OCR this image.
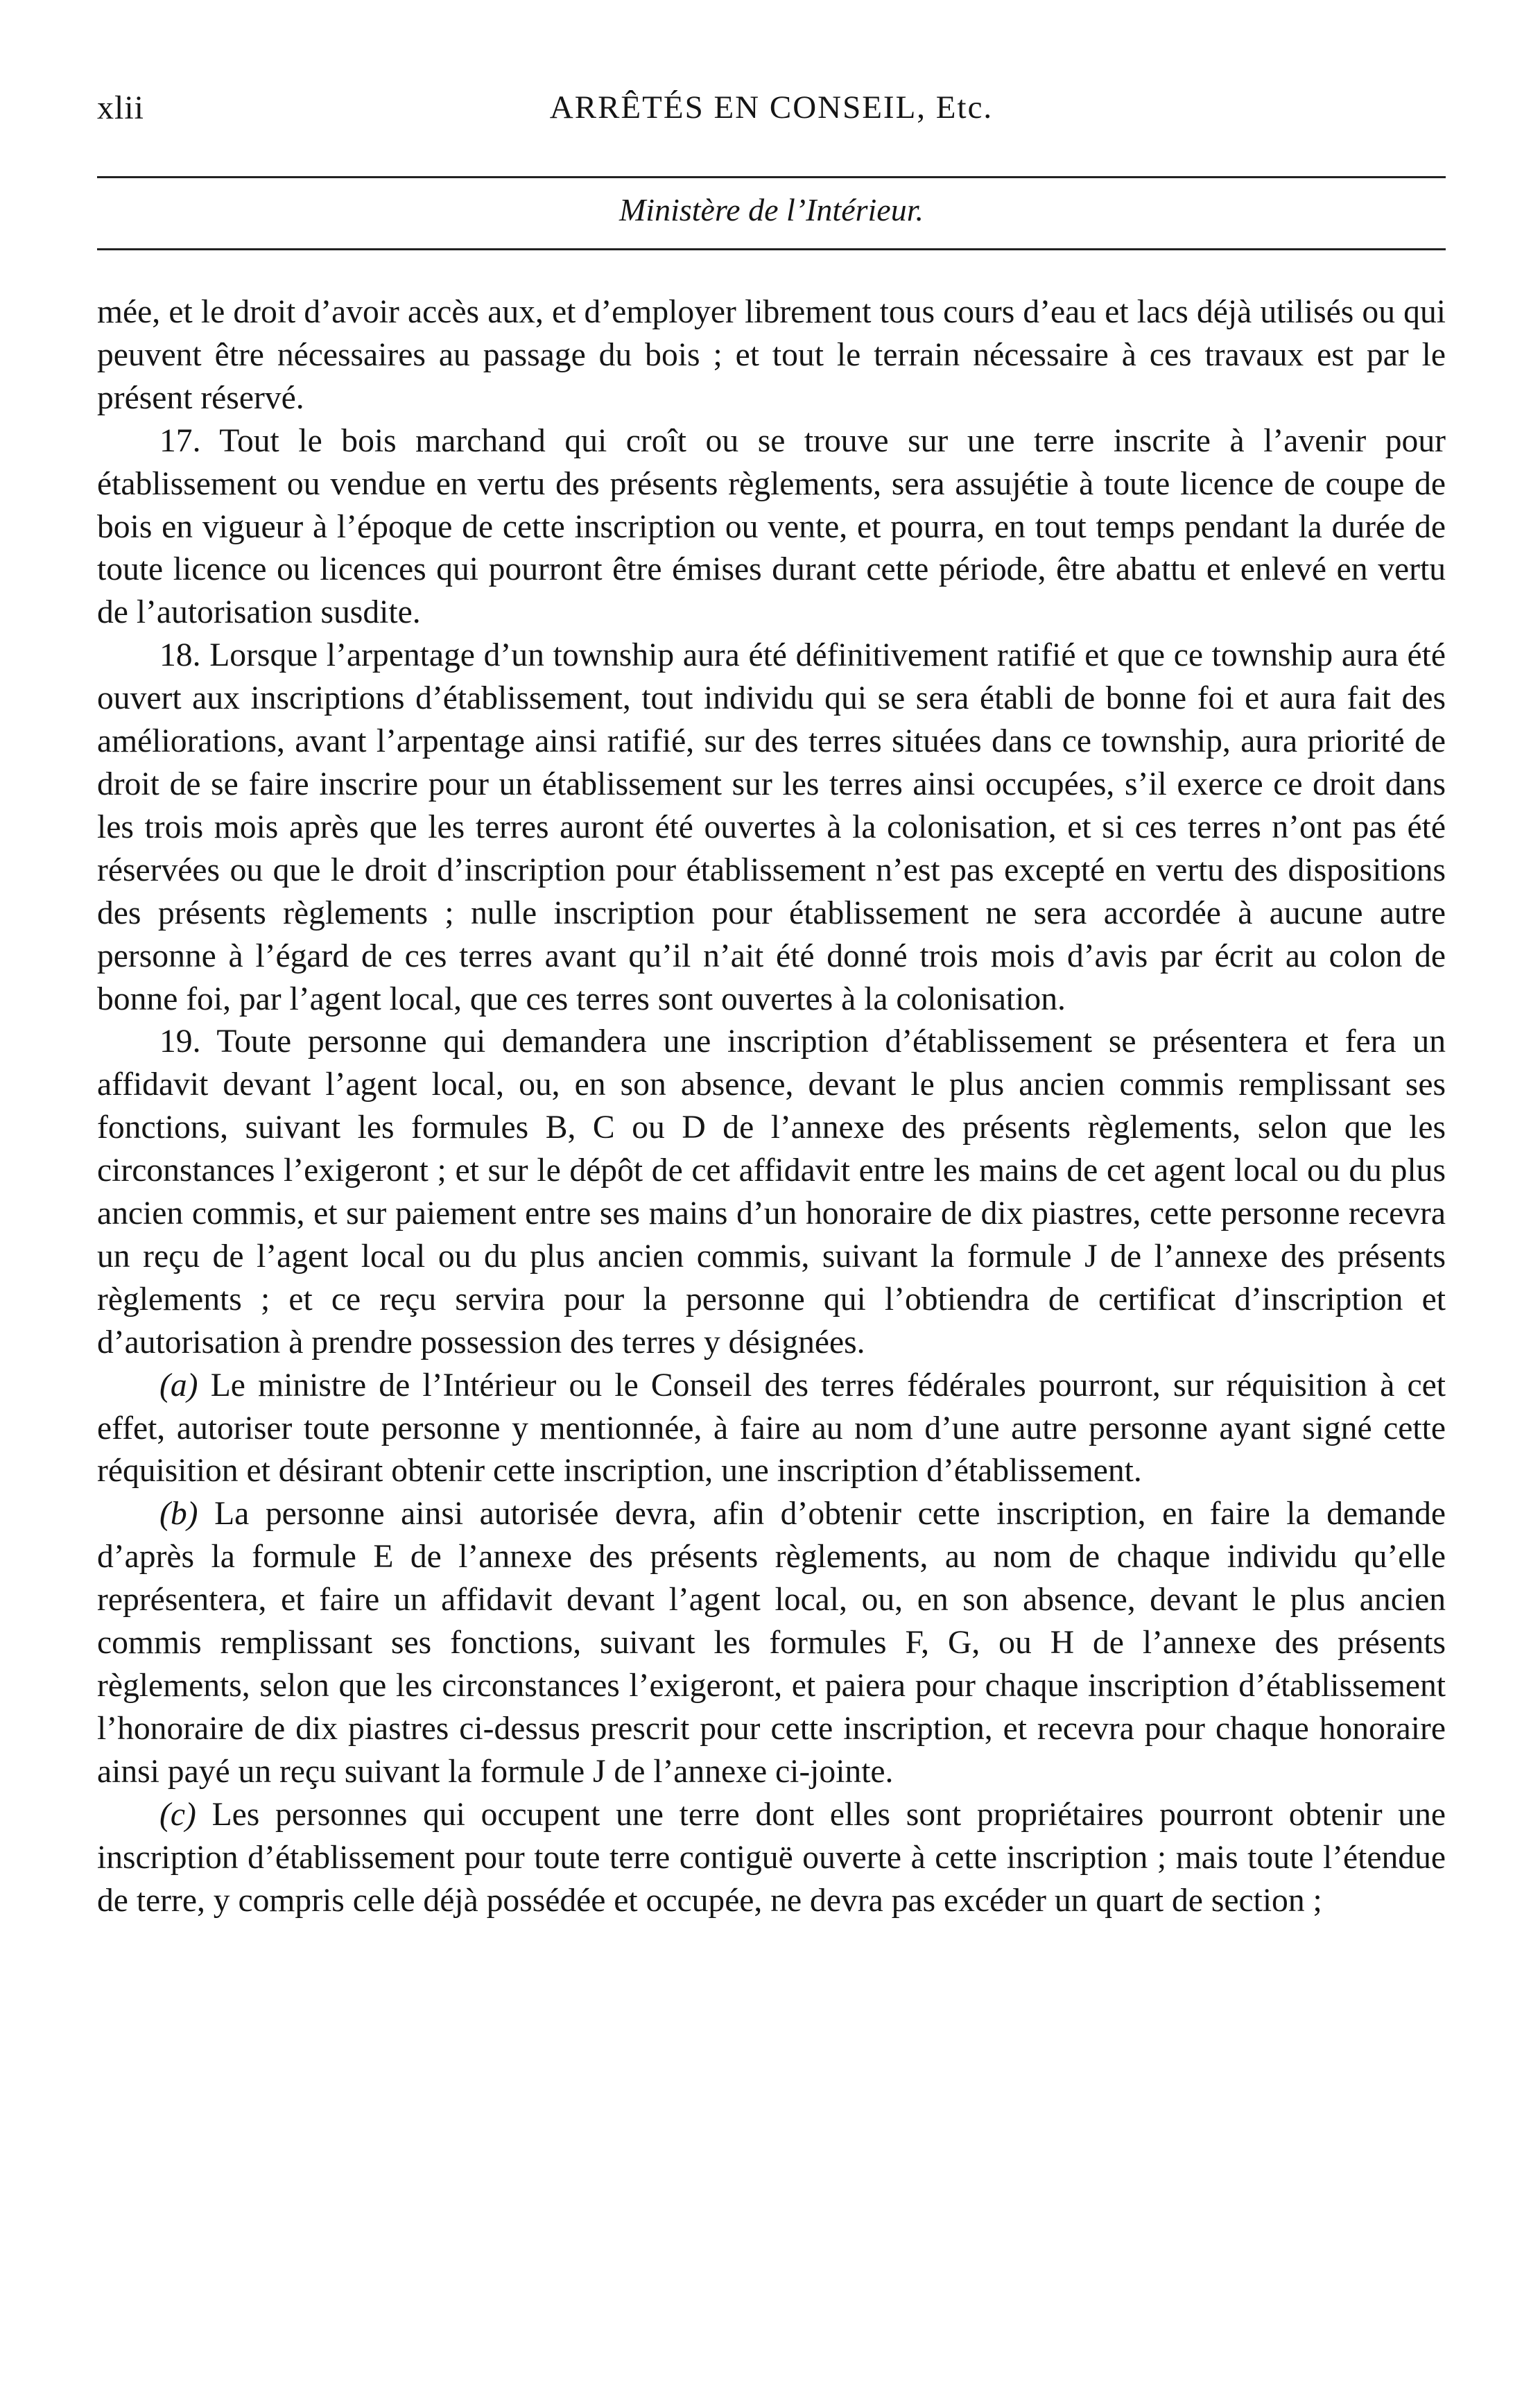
xlii	ARRÊTÉS EN CONSEIL, Etc.
Ministère de l’Intérieur.

mée, et le droit d’avoir accès aux, et d’employer librement tous cours d’eau et lacs déjà utilisés ou qui peuvent être nécessaires au passage du bois ; et tout le terrain nécessaire à ces travaux est par le présent réservé.

17. Tout le bois marchand qui croît ou se trouve sur une terre inscrite à l’avenir pour établissement ou vendue en vertu des présents règlements, sera assujétie à toute licence de coupe de bois en vigueur à l’époque de cette inscription ou vente, et pourra, en tout temps pendant la durée de toute licence ou licences qui pourront être émises durant cette période, être abattu et enlevé en vertu de l’autorisation susdite.

18. Lorsque l’arpentage d’un township aura été définitivement ratifié et que ce township aura été ouvert aux inscriptions d’établissement, tout individu qui se sera établi de bonne foi et aura fait des améliorations, avant l’arpentage ainsi ratifié, sur des terres situées dans ce township, aura priorité de droit de se faire inscrire pour un établissement sur les terres ainsi occupées, s’il exerce ce droit dans les trois mois après que les terres auront été ouvertes à la colonisation, et si ces terres n’ont pas été réservées ou que le droit d’inscription pour établissement n’est pas excepté en vertu des dispositions des présents règlements ; nulle inscription pour établissement ne sera accordée à aucune autre personne à l’égard de ces terres avant qu’il n’ait été donné trois mois d’avis par écrit au colon de bonne foi, par l’agent local, que ces terres sont ouvertes à la colonisation.

19. Toute personne qui demandera une inscription d’établissement se présentera et fera un affidavit devant l’agent local, ou, en son absence, devant le plus ancien commis remplissant ses fonctions, suivant les formules B, C ou D de l’annexe des présents règlements, selon que les circonstances l’exigeront ; et sur le dépôt de cet affidavit entre les mains de cet agent local ou du plus ancien commis, et sur paiement entre ses mains d’un honoraire de dix piastres, cette personne recevra un reçu de l’agent local ou du plus ancien commis, suivant la formule J de l’annexe des présents règlements ; et ce reçu servira pour la personne qui l’obtiendra de certificat d’inscription et d’autorisation à prendre possession des terres y désignées.

(a) Le ministre de l’Intérieur ou le Conseil des terres fédérales pourront, sur réquisition à cet effet, autoriser toute personne y mentionnée, à faire au nom d’une autre personne ayant signé cette réquisition et désirant obtenir cette inscription, une inscription d’établissement.

(b) La personne ainsi autorisée devra, afin d’obtenir cette inscription, en faire la demande d’après la formule E de l’annexe des présents règlements, au nom de chaque individu qu’elle représentera, et faire un affidavit devant l’agent local, ou, en son absence, devant le plus ancien commis remplissant ses fonctions, suivant les formules F, G, ou H de l’annexe des présents règlements, selon que les circonstances l’exigeront, et paiera pour chaque inscription d’établissement l’honoraire de dix piastres ci-dessus prescrit pour cette inscription, et recevra pour chaque honoraire ainsi payé un reçu suivant la formule J de l’annexe ci-jointe.

(c) Les personnes qui occupent une terre dont elles sont propriétaires pourront obtenir une inscription d’établissement pour toute terre contiguë ouverte à cette inscription ; mais toute l’étendue de terre, y compris celle déjà possédée et occupée, ne devra pas excéder un quart de section ;
